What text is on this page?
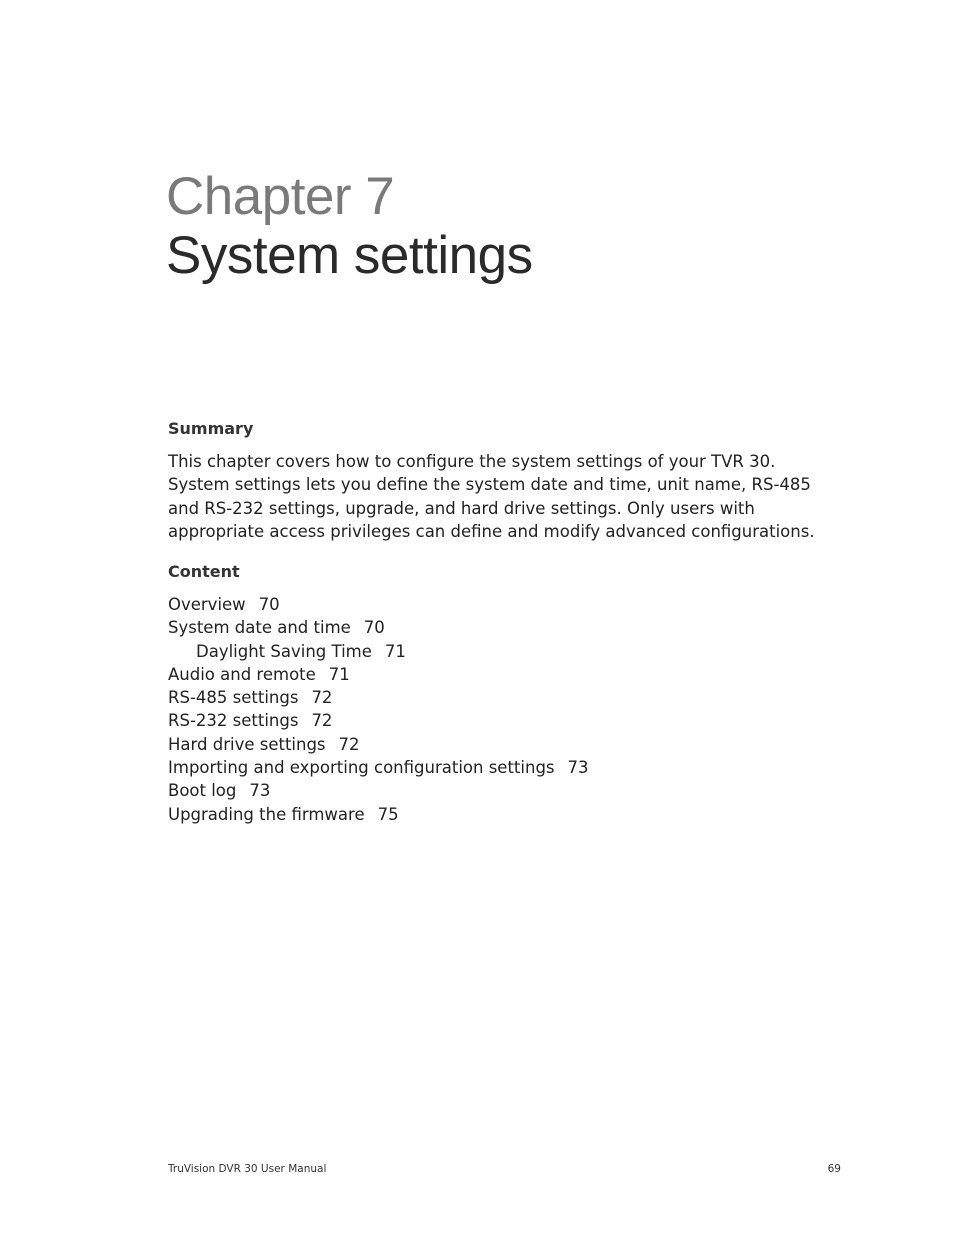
Chapter 7
System settings
Summary
This chapter covers how to configure the system settings of your TVR 30. System settings lets you define the system date and time, unit name, RS-485 and RS-232 settings, upgrade, and hard drive settings. Only users with appropriate access privileges can define and modify advanced configurations.
Content
Overview 70
System date and time 70
Daylight Saving Time 71
Audio and remote 71
RS-485 settings 72
RS-232 settings 72
Hard drive settings 72
Importing and exporting configuration settings 73
Boot log 73
Upgrading the firmware 75
TruVision DVR 30 User Manual	69
